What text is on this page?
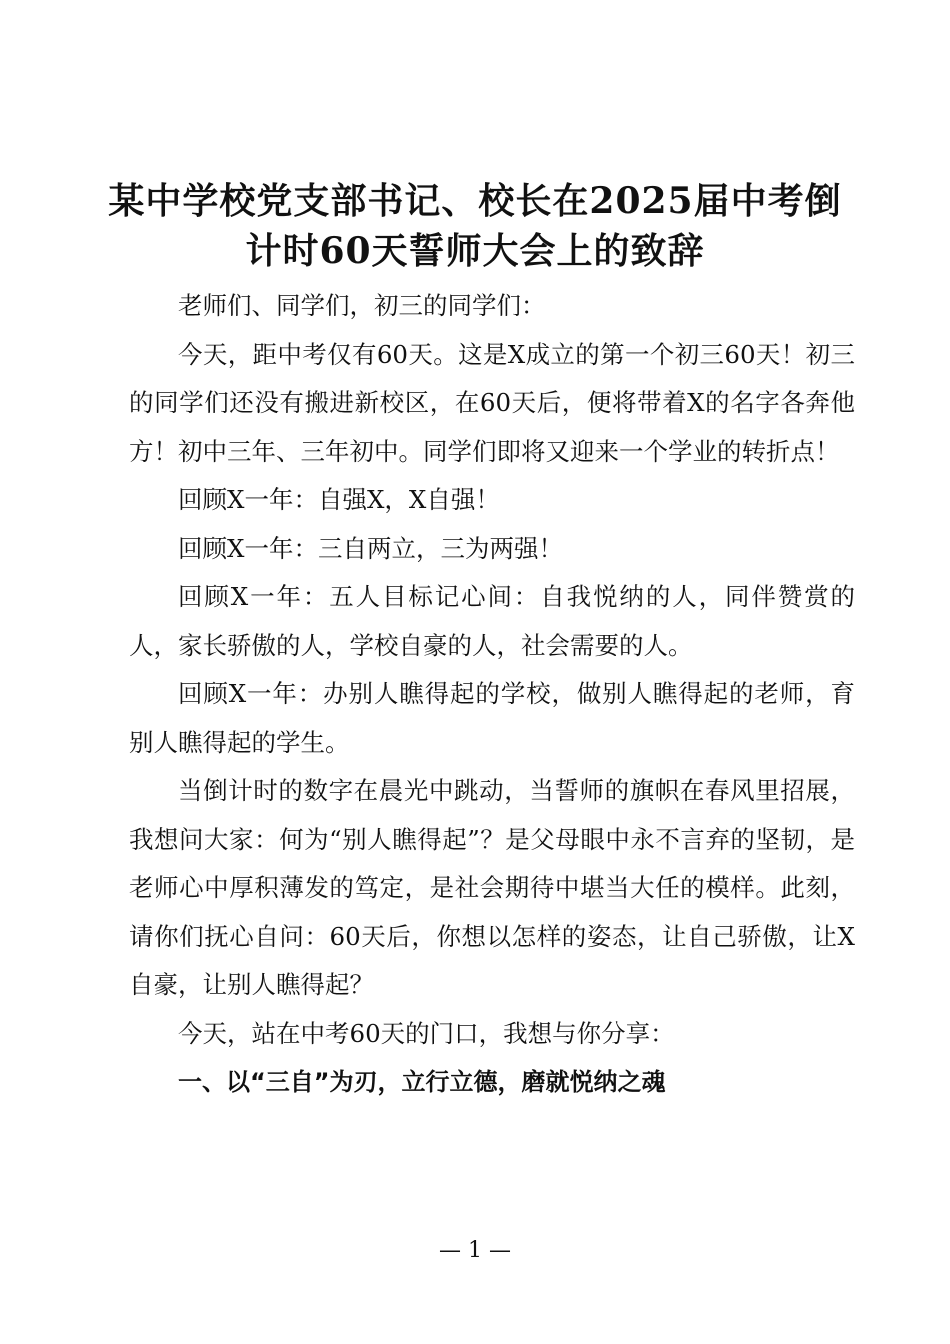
某中学校党支部书记、校长在2025届中考倒
计时60天誓师大会上的致辞

老师们、同学们，初三的同学们：

今天，距中考仅有60天。这是X成立的第一个初三60天！初三的同学们还没有搬进新校区，在60天后，便将带着X的名字各奔他方！初中三年、三年初中。同学们即将又迎来一个学业的转折点！

回顾X一年：自强X，X自强！

回顾X一年：三自两立，三为两强！

回顾X一年：五人目标记心间：自我悦纳的人，同伴赞赏的人，家长骄傲的人，学校自豪的人，社会需要的人。

回顾X一年：办别人瞧得起的学校，做别人瞧得起的老师，育别人瞧得起的学生。

当倒计时的数字在晨光中跳动，当誓师的旗帜在春风里招展，我想问大家：何为“别人瞧得起”？是父母眼中永不言弃的坚韧，是老师心中厚积薄发的笃定，是社会期待中堪当大任的模样。此刻，请你们抚心自问：60天后，你想以怎样的姿态，让自己骄傲，让X自豪，让别人瞧得起？

今天，站在中考60天的门口，我想与你分享：

一、以“三自”为刃，立行立德，磨就悦纳之魂

— 1 —
